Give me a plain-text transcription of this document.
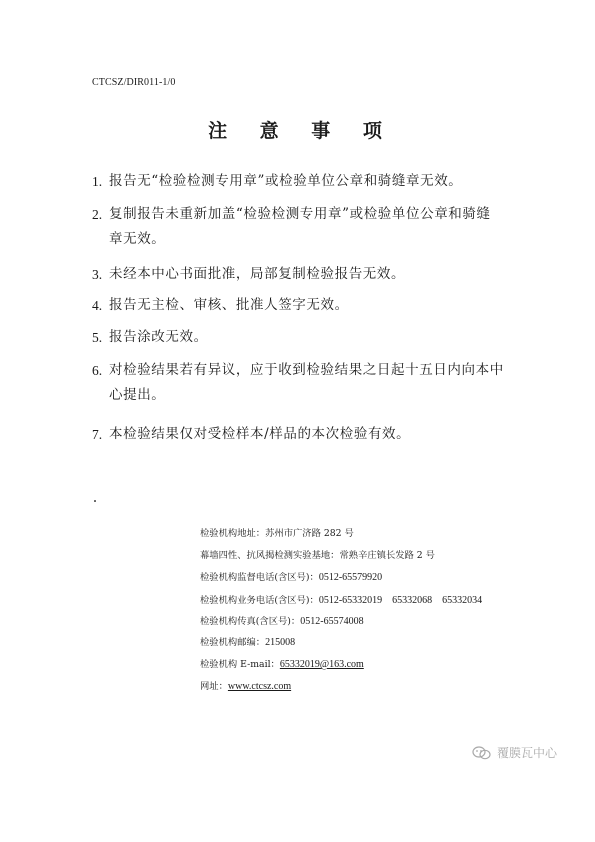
CTCSZ/DIR011-1/0
注 意 事 项
1. 报告无“检验检测专用章”或检验单位公章和骑缝章无效。
2. 复制报告未重新加盖“检验检测专用章”或检验单位公章和骑缝
章无效。
3. 未经本中心书面批准，局部复制检验报告无效。
4. 报告无主检、审核、批准人签字无效。
5. 报告涂改无效。
6. 对检验结果若有异议，应于收到检验结果之日起十五日内向本中
心提出。
7. 本检验结果仅对受检样本/样品的本次检验有效。
检验机构地址：苏州市广济路 282 号
幕墙四性、抗风揭检测实验基地：常熟辛庄镇长发路 2 号
检验机构监督电话(含区号)：0512-65579920
检验机构业务电话(含区号)：0512-65332019    65332068    65332034
检验机构传真(含区号)：0512-65574008
检验机构邮编：215008
检验机构 E-mail：65332019@163.com
网址：www.ctcsz.com
覆膜瓦中心
